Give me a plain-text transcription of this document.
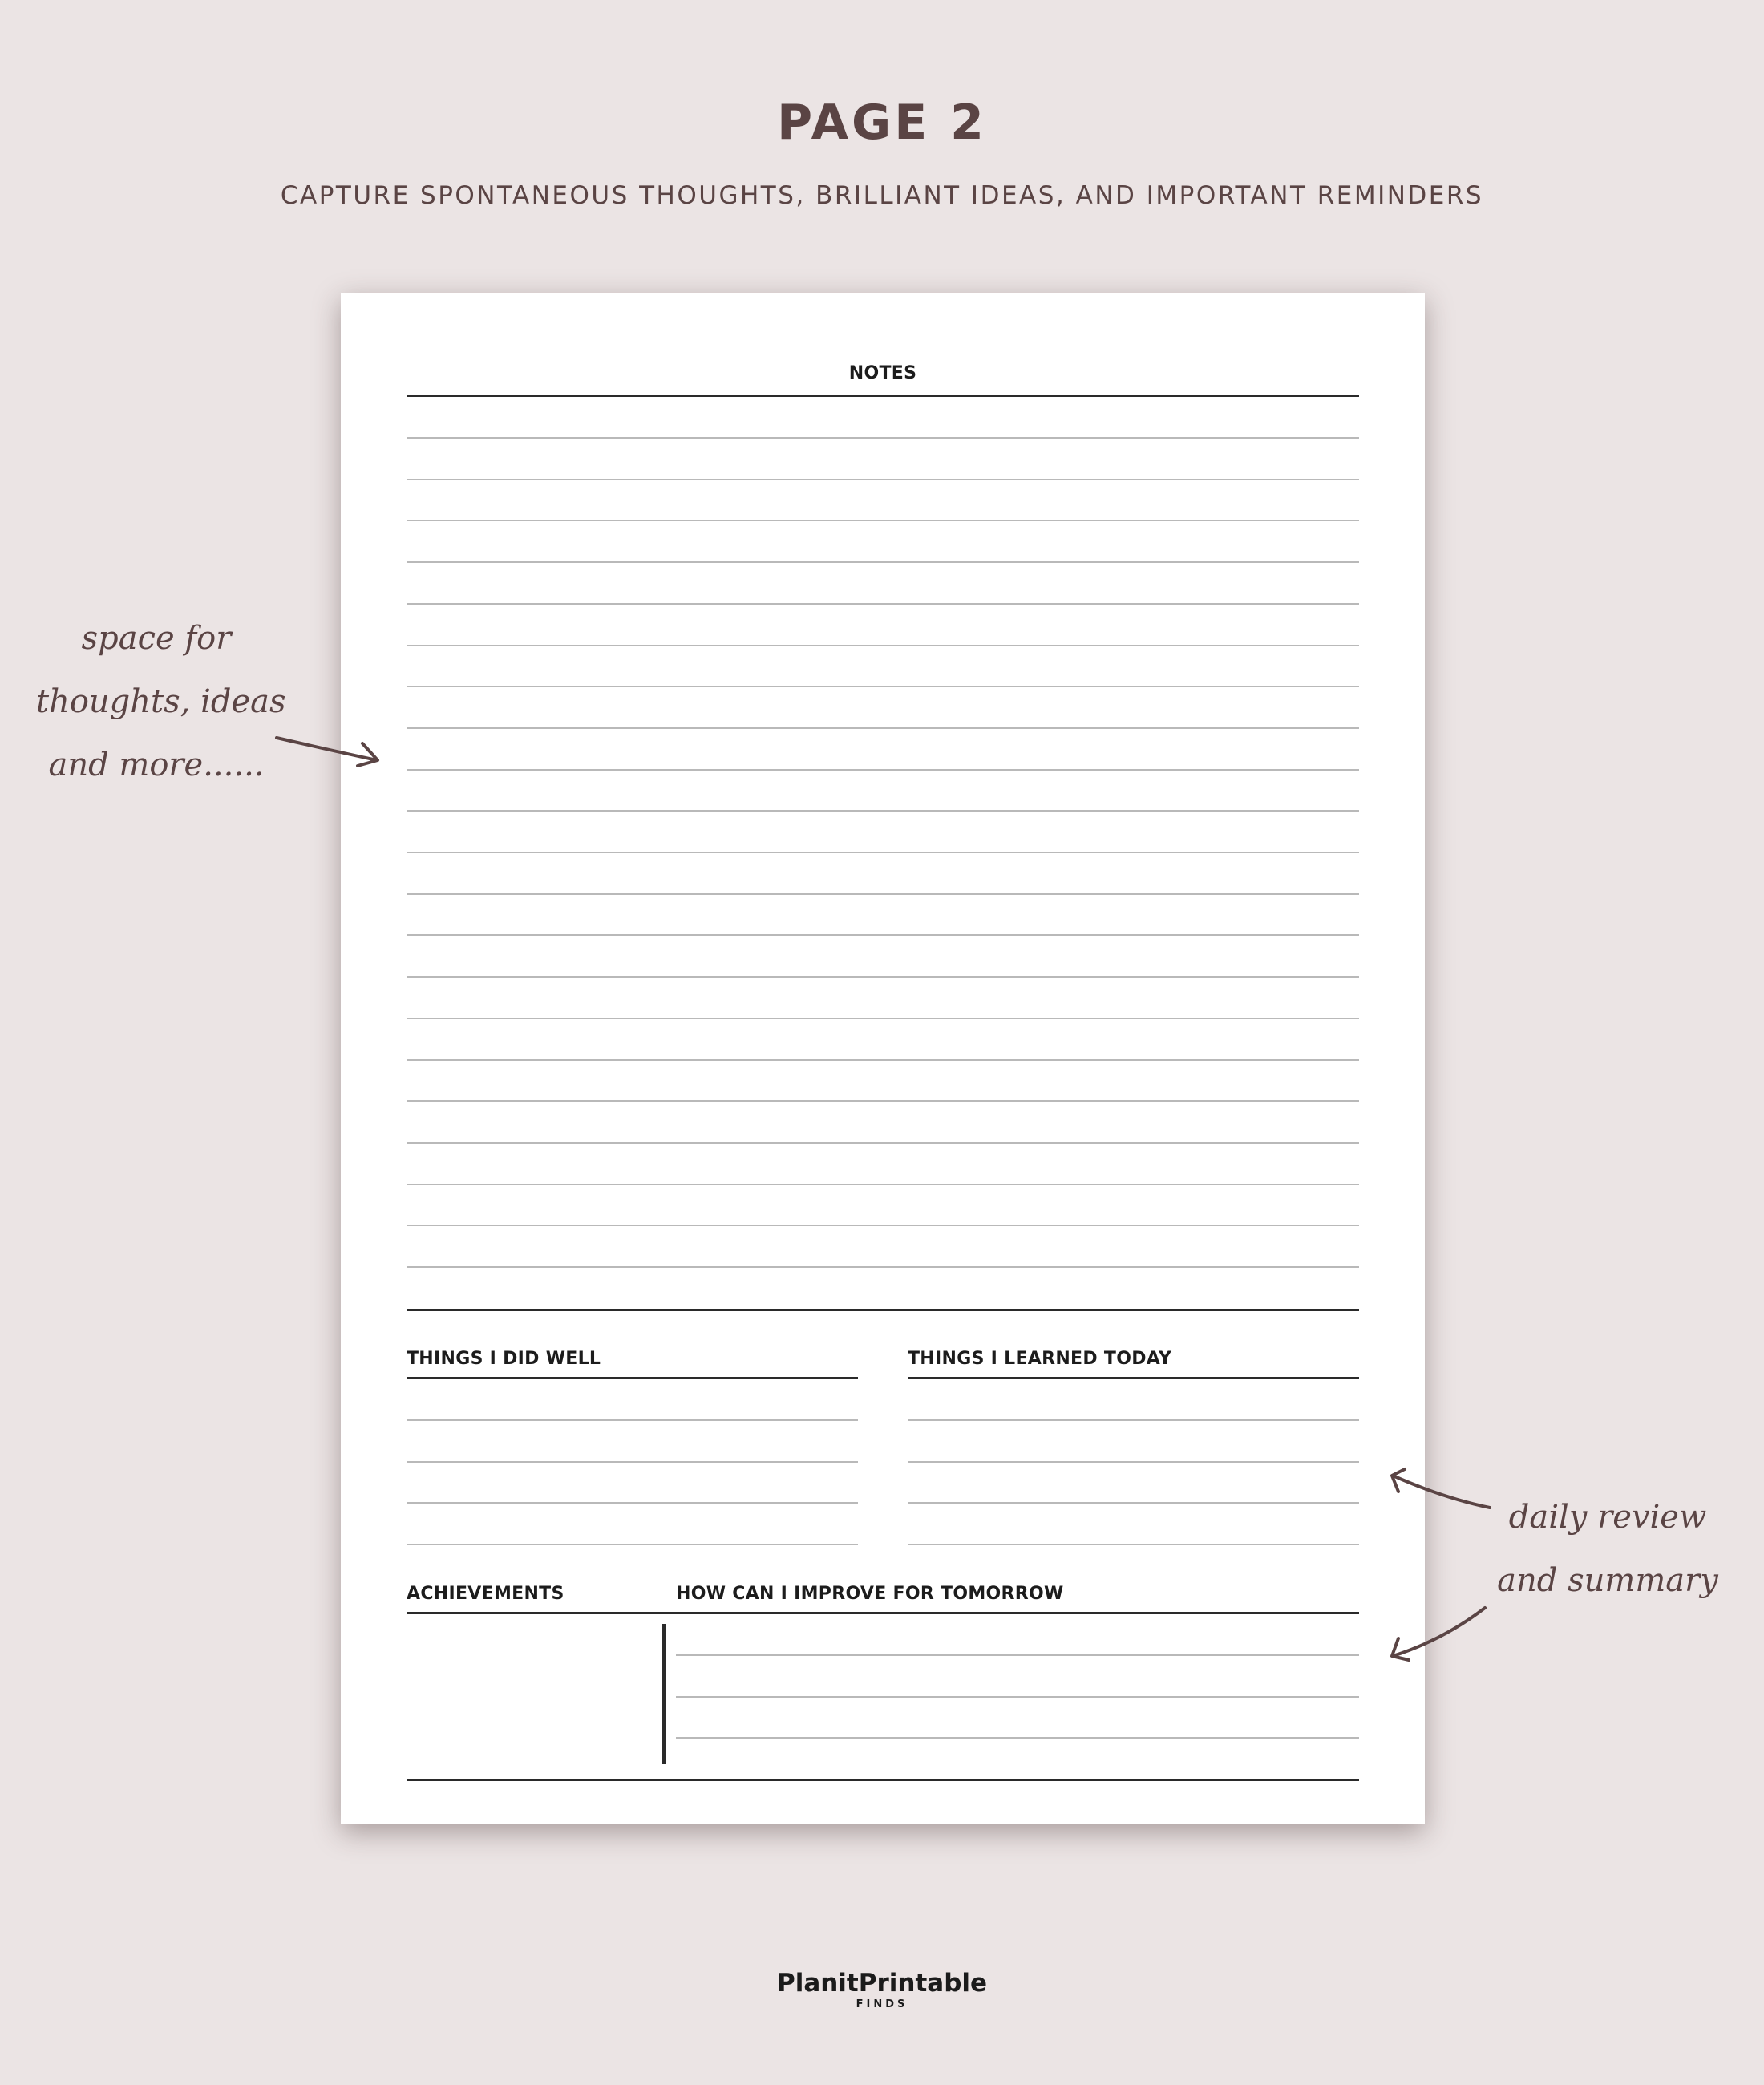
PAGE 2
CAPTURE SPONTANEOUS THOUGHTS, BRILLIANT IDEAS, AND IMPORTANT REMINDERS
NOTES
THINGS I DID WELL	THINGS I LEARNED TODAY
ACHIEVEMENTS	HOW CAN I IMPROVE FOR TOMORROW
space for
thoughts, ideas
and more......
daily review
and summary
PlanitPrintable
FINDS
